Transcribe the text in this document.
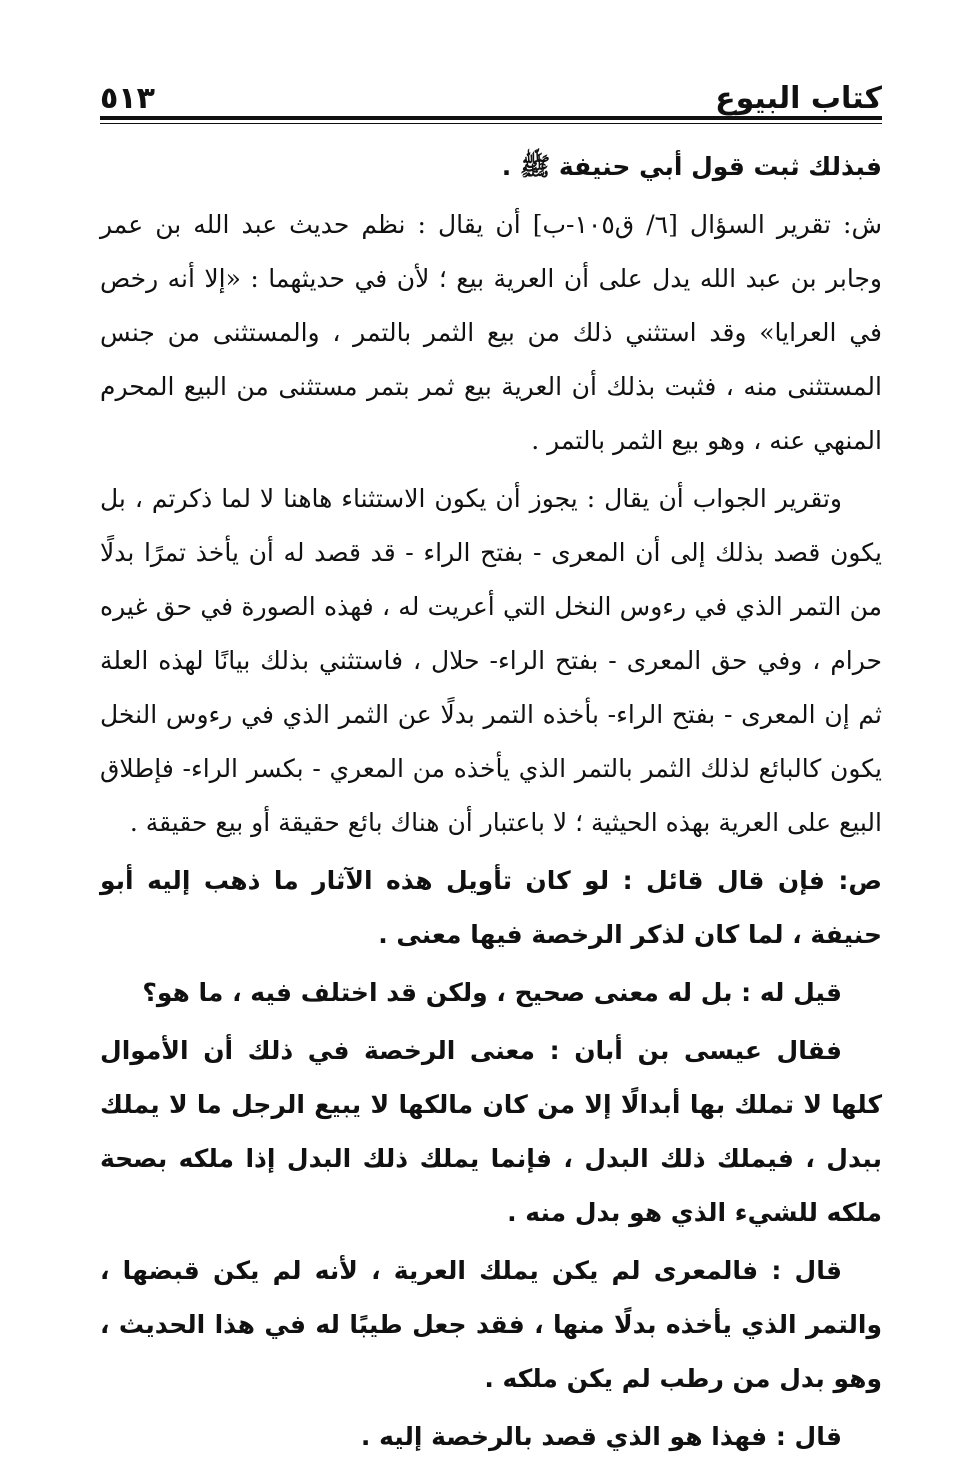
كتاب البيوع
٥١٣

فبذلك ثبت قول أبي حنيفة ﷺ .

ش: تقرير السؤال [٦/ ق١٠٥-ب] أن يقال : نظم حديث عبد الله بن عمر وجابر بن عبد الله يدل على أن العرية بيع ؛ لأن في حديثهما : «إلا أنه رخص في العرايا» وقد استثني ذلك من بيع الثمر بالتمر ، والمستثنى من جنس المستثنى منه ، فثبت بذلك أن العرية بيع ثمر بتمر مستثنى من البيع المحرم المنهي عنه ، وهو بيع الثمر بالتمر .

وتقرير الجواب أن يقال : يجوز أن يكون الاستثناء هاهنا لا لما ذكرتم ، بل يكون قصد بذلك إلى أن المعرى - بفتح الراء - قد قصد له أن يأخذ تمرًا بدلًا من التمر الذي في رءوس النخل التي أعريت له ، فهذه الصورة في حق غيره حرام ، وفي حق المعرى - بفتح الراء- حلال ، فاستثني بذلك بيانًا لهذه العلة ثم إن المعرى - بفتح الراء- بأخذه التمر بدلًا عن الثمر الذي في رءوس النخل يكون كالبائع لذلك الثمر بالتمر الذي يأخذه من المعري - بكسر الراء- فإطلاق البيع على العرية بهذه الحيثية ؛ لا باعتبار أن هناك بائع حقيقة أو بيع حقيقة .

ص: فإن قال قائل : لو كان تأويل هذه الآثار ما ذهب إليه أبو حنيفة ، لما كان لذكر الرخصة فيها معنى .

قيل له : بل له معنى صحيح ، ولكن قد اختلف فيه ، ما هو؟

فقال عيسى بن أبان : معنى الرخصة في ذلك أن الأموال كلها لا تملك بها أبدالًا إلا من كان مالكها لا يبيع الرجل ما لا يملك ببدل ، فيملك ذلك البدل ، فإنما يملك ذلك البدل إذا ملكه بصحة ملكه للشيء الذي هو بدل منه .

قال : فالمعرى لم يكن يملك العرية ، لأنه لم يكن قبضها ، والتمر الذي يأخذه بدلًا منها ، فقد جعل طيبًا له في هذا الحديث ، وهو بدل من رطب لم يكن ملكه .

قال : فهذا هو الذي قصد بالرخصة إليه .
